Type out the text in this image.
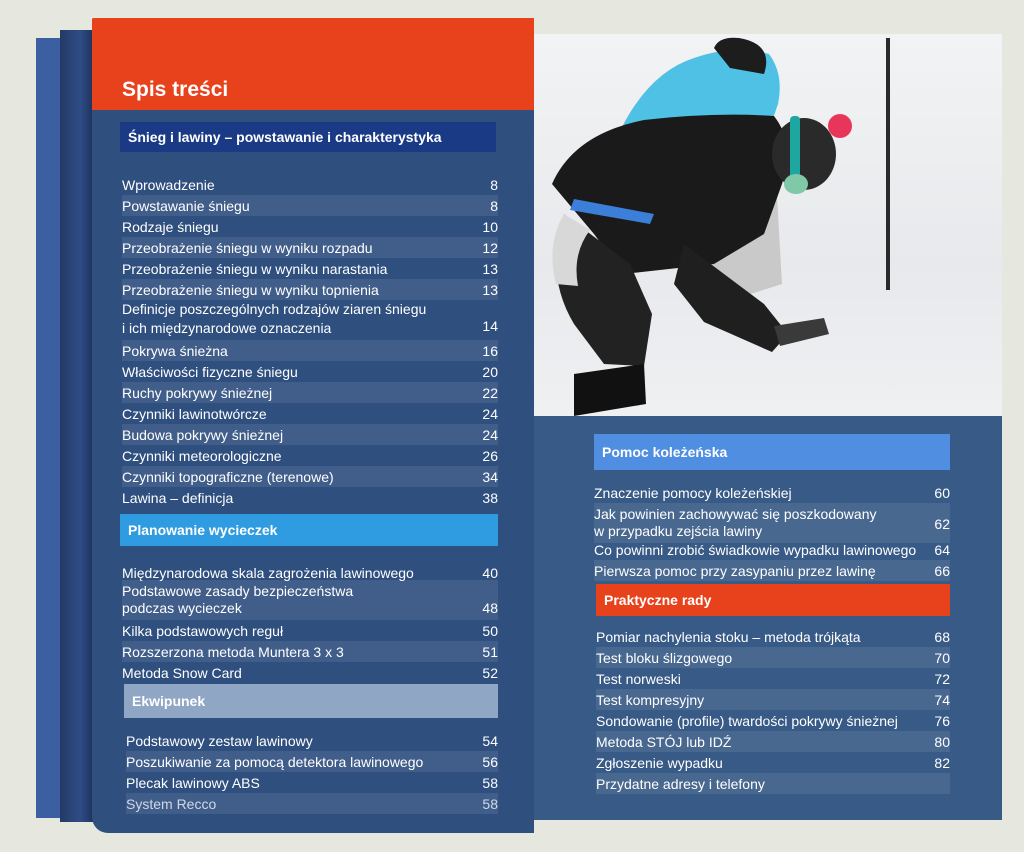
Spis treści
Śnieg i lawiny – powstawanie i charakterystyka
Wprowadzenie	8
Powstawanie śniegu	8
Rodzaje śniegu	10
Przeobrażenie śniegu w wyniku rozpadu	12
Przeobrażenie śniegu w wyniku narastania	13
Przeobrażenie śniegu w wyniku topnienia	13
Definicje poszczególnych rodzajów ziaren śniegu
i ich międzynarodowe oznaczenia	14
Pokrywa śnieżna	16
Właściwości fizyczne śniegu	20
Ruchy pokrywy śnieżnej	22
Czynniki lawinotwórcze	24
Budowa pokrywy śnieżnej	24
Czynniki meteorologiczne	26
Czynniki topograficzne (terenowe)	34
Lawina – definicja	38
Planowanie wycieczek
Międzynarodowa skala zagrożenia lawinowego	40
Podstawowe zasady bezpieczeństwa
podczas wycieczek	48
Kilka podstawowych reguł	50
Rozszerzona metoda Muntera 3 x 3	51
Metoda Snow Card	52
Ekwipunek
Podstawowy zestaw lawinowy	54
Poszukiwanie za pomocą detektora lawinowego	56
Plecak lawinowy ABS	58
System Recco	58
Pomoc koleżeńska
Znaczenie pomocy koleżeńskiej	60
Jak powinien zachowywać się poszkodowany
w przypadku zejścia lawiny	62
Co powinni zrobić świadkowie wypadku lawinowego 64
Pierwsza pomoc przy zasypaniu przez lawinę	66
Praktyczne rady
Pomiar nachylenia stoku – metoda trójkąta	68
Test bloku ślizgowego	70
Test norweski	72
Test kompresyjny	74
Sondowanie (profile) twardości pokrywy śnieżnej	76
Metoda STÓJ lub IDŹ	80
Zgłoszenie wypadku	82
Przydatne adresy i telefony
